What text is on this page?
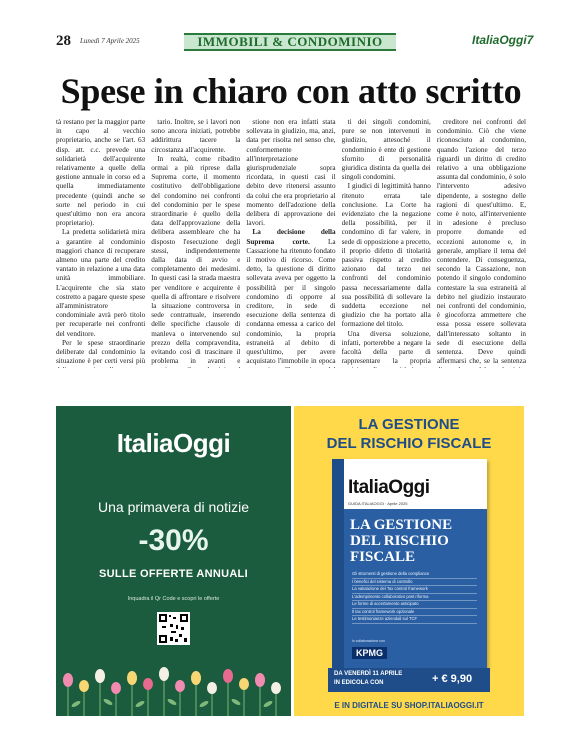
28 Lunedì 7 Aprile 2025	IMMOBILI & CONDOMINIO	ItaliaOggi7
Spese in chiaro con atto scritto

tà restano per la maggior parte in capo al vecchio proprietario, anche se l'art. 63 disp. att. c.c. prevede una solidarietà dell'acquirente relativamente a quelle della gestione annuale in corso ed a quella immediatamente precedente (quindi anche se sorte nel periodo in cui quest'ultimo non era ancora proprietario).

La predetta solidarietà mira a garantire al condominio maggiori chance di recuperare almeno una parte del credito vantato in relazione a una data unità immobiliare. L'acquirente che sia stato costretto a pagare queste spese all'amministratore condominiale avrà però titolo per recuperarle nei confronti del venditore.

Per le spese straordinarie deliberate dal condominio la situazione è per certi versi più

tario. Inoltre, se i lavori non sono ancora iniziati, potrebbe addirittura tacere la circostanza all'acquirente.

In realtà, come ribadito ormai a più riprese dalla Suprema corte, il momento costitutivo dell'obbligazione del condomino nei confronti del condominio per le spese straordinarie è quello della data dell'approvazione della delibera assembleare che ha disposto l'esecuzione degli stessi, indipendentemente dalla data di avvio e completamento dei medesimi. In questi casi la strada maestra per venditore e acquirente è quella di affrontare e risolvere la situazione controversa in sede contrattuale, inserendo delle specifiche clausole di manleva o intervenendo sul prezzo della compravendita, evitando così di trascinare il problema in avanti e

stione non era infatti stata sollevata in giudizio, ma, anzi, data per risolta nel senso che, conformemente all'interpretazione giurisprudenziale sopra ricordata, in questi casi il debito deve ritenersi assunto da colui che era proprietario al momento dell'adozione della delibera di approvazione dei lavori.

La decisione della Suprema corte. La Cassazione ha ritenuto fondato il motivo di ricorso. Come detto, la questione di diritto sollevata aveva per oggetto la possibilità per il singolo condomino di opporre al creditore, in sede di esecuzione della sentenza di condanna emessa a carico del condominio, la propria estraneità al debito di quest'ultimo, per avere acquistato l'immobile in epoca

ti dei singoli condomini, pure se non intervenuti in giudizio, attesoché il condominio è ente di gestione sfornito di personalità giuridica distinta da quella dei singoli condomini.

I giudici di legittimità hanno ritenuto errata tale conclusione. La Corte ha evidenziato che la negazione della possibilità, per il condomino di far valere, in sede di opposizione a precetto, il proprio difetto di titolarità passiva rispetto al credito azionato dal terzo nei confronti del condominio passa necessariamente dalla sua possibilità di sollevare la suddetta eccezione nel giudizio che ha portato alla formazione del titolo.

Una diversa soluzione, infatti, porterebbe a negare la facoltà della parte di rappresentare la propria

creditore nei confronti del condominio. Ciò che viene riconosciuto al condomino, quando l'azione del terzo riguardi un diritto di credito relativo a una obbligazione assunta dal condominio, è solo l'intervento adesivo dipendente, a sostegno delle ragioni di quest'ultimo. E, come è noto, all'interveniente in adesione è precluso proporre domande ed eccezioni autonome e, in generale, ampliare il tema del contendere. Di conseguenza, secondo la Cassazione, non potendo il singolo condomino contestare la sua estraneità al debito nel giudizio instaurato nei confronti del condominio, è giocoforza ammettere che essa possa essere sollevata dall'interessato soltanto in sede di esecuzione della sentenza. Deve quindi affermarsi che, se la sentenza

ItaliaOggi
Una primavera di notizie
-30%
SULLE OFFERTE ANNUALI
Inquadra il Qr Code e scopri le offerte
LA GESTIONE
DEL RISCHIO FISCALE
ItaliaOggi
GUIDA ITALIAOGGI · Aprile 2025
LA GESTIONE DEL RISCHIO FISCALE
Gli strumenti di gestione della compliance
I benefici del sistema di controllo
La valutazione del Tax control framework
L'adempimento collaborativo post riforma
Le forme di accertamento anticipato
Il tax control framework opzionale
Le testimonianze aziendali sul TCF
in collaborazione con
KPMG
DA VENERDÌ 11 APRILE
IN EDICOLA CON	+ € 9,90
E IN DIGITALE SU SHOP.ITALIAOGGI.IT
